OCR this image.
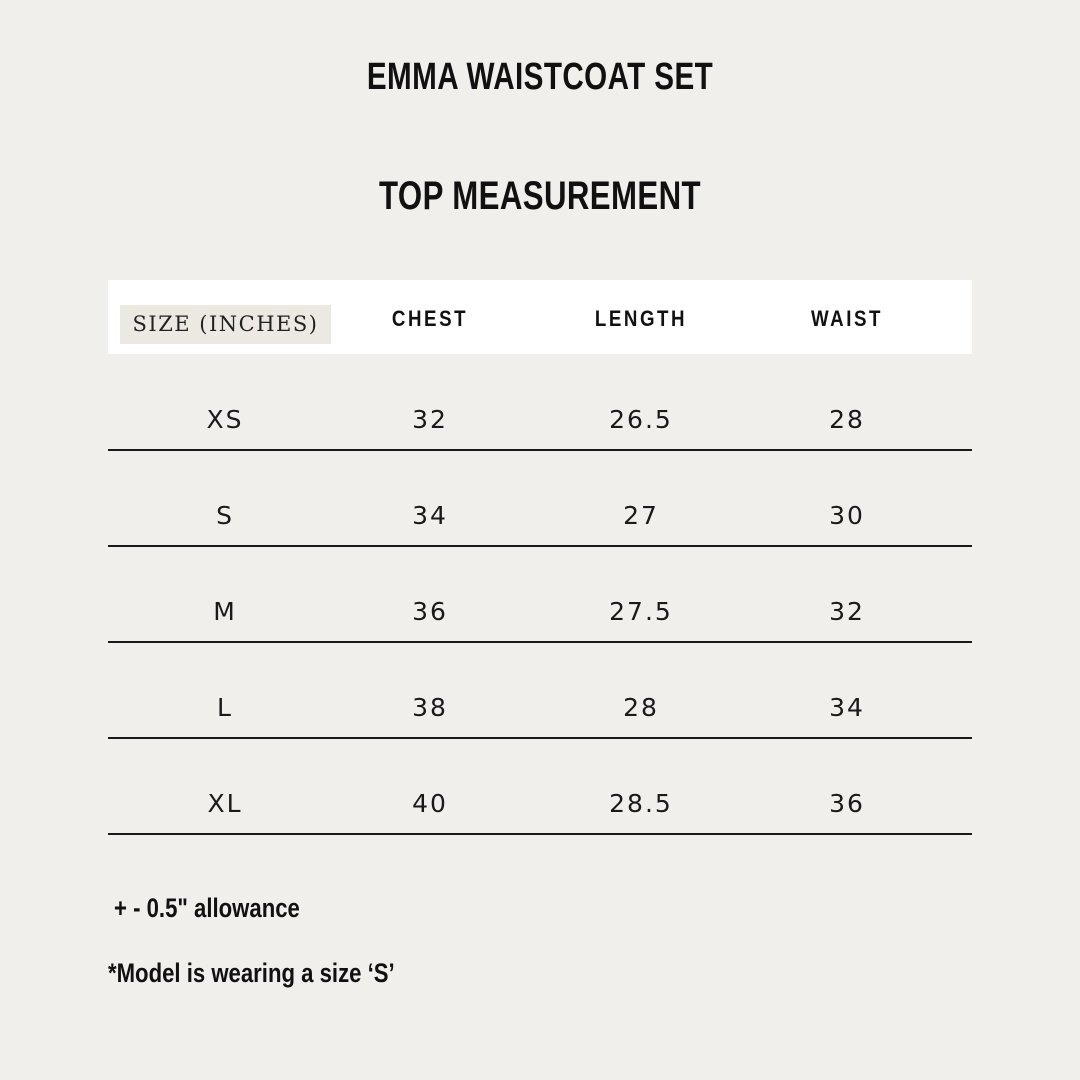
EMMA WAISTCOAT SET
TOP MEASUREMENT
SIZE (INCHES)	CHEST	LENGTH	WAIST
XS	32	26.5	28
S	34	27	30
M	36	27.5	32
L	38	28	34
XL	40	28.5	36
+ - 0.5" allowance
*Model is wearing a size ‘S’
